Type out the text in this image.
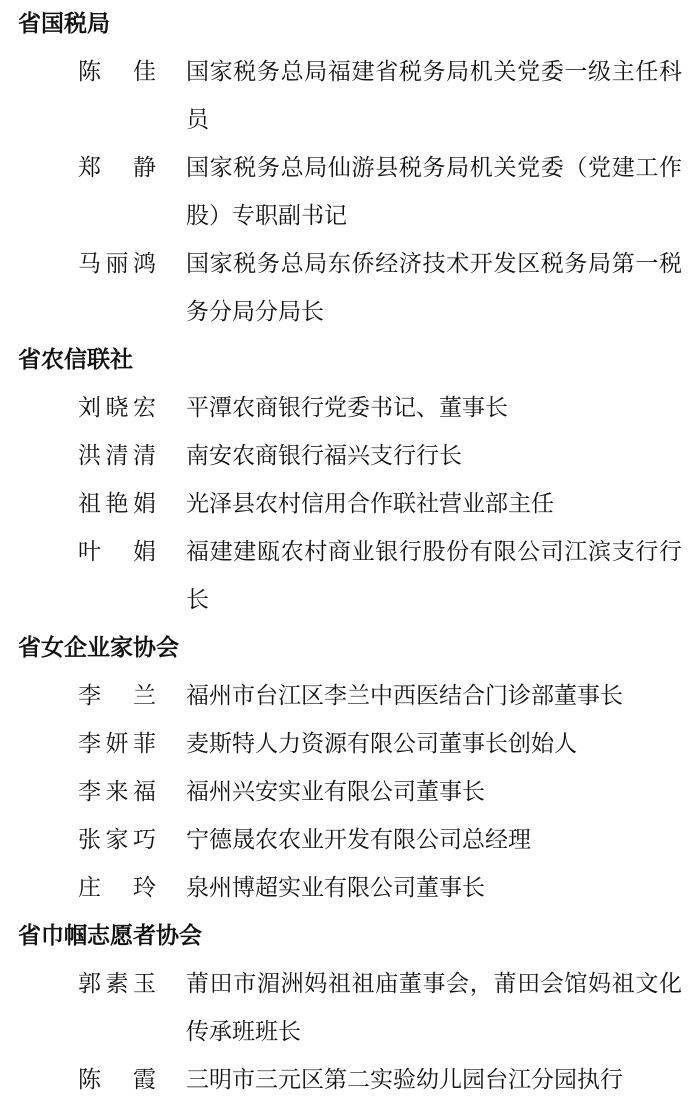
省国税局
陈　佳 国家税务总局福建省税务局机关党委一级主任科员
郑　静 国家税务总局仙游县税务局机关党委（党建工作股）专职副书记
马丽鸿 国家税务总局东侨经济技术开发区税务局第一税务分局分局长
省农信联社
刘晓宏 平潭农商银行党委书记、董事长
洪清清 南安农商银行福兴支行行长
祖艳娟 光泽县农村信用合作联社营业部主任
叶　娟 福建建瓯农村商业银行股份有限公司江滨支行行长
省女企业家协会
李　兰 福州市台江区李兰中西医结合门诊部董事长
李妍菲 麦斯特人力资源有限公司董事长创始人
李来福 福州兴安实业有限公司董事长
张家巧 宁德晟农农业开发有限公司总经理
庄　玲 泉州博超实业有限公司董事长
省巾帼志愿者协会
郭素玉 莆田市湄洲妈祖祖庙董事会，莆田会馆妈祖文化传承班班长
陈　霞 三明市三元区第二实验幼儿园台江分园执行
